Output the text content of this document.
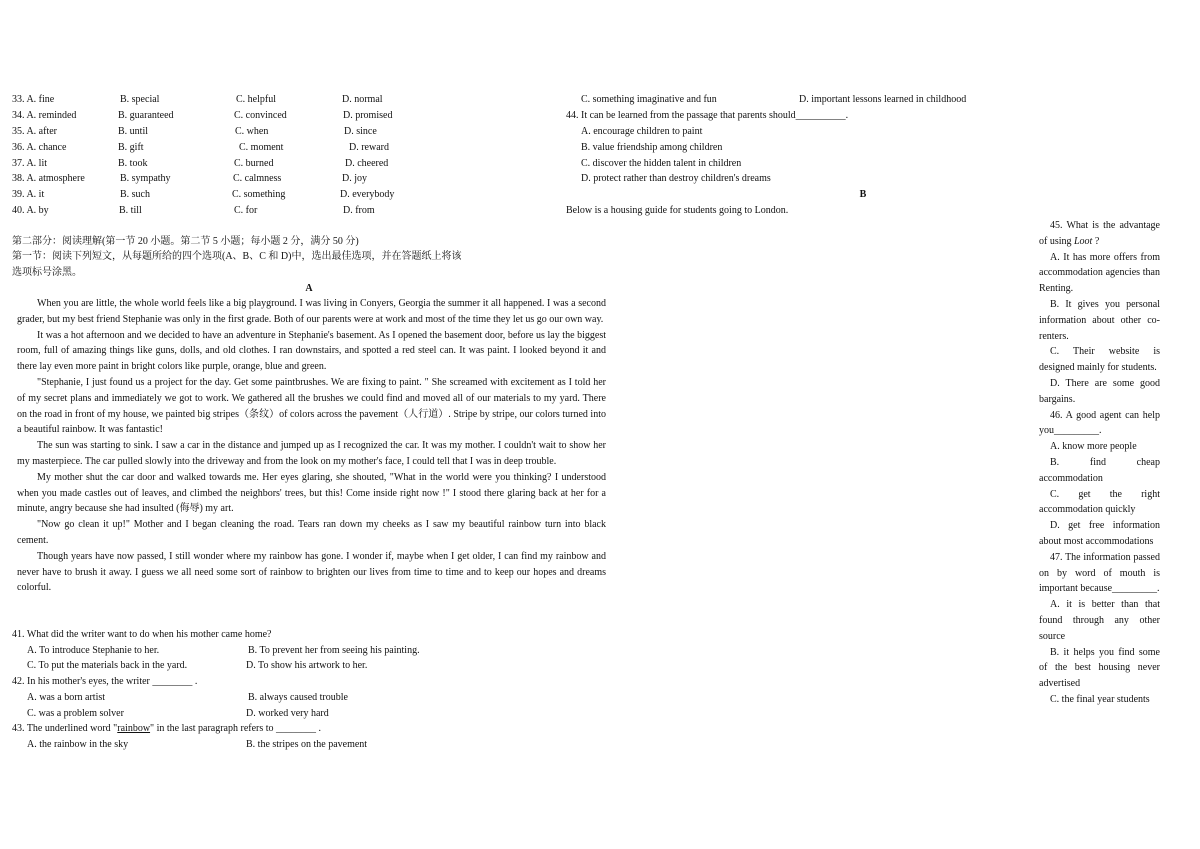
33. A. fine	B. special	C. helpful	D. normal
34. A. reminded	B. guaranteed	C. convinced	D. promised
35. A. after	B. until	C. when	D. since
36. A. chance	B. gift	C. moment	D. reward
37. A. lit	B. took	C. burned	D. cheered
38. A. atmosphere	B. sympathy	C. calmness	D. joy
39. A. it	B. such	C. something	D. everybody
40. A. by	B. till	C. for	D. from
第二部分：阅读理解(第一节 20 小题。第二节 5 小题；每小题 2 分，满分 50 分)
第一节：阅读下列短文，从每题所给的四个选项(A、B、C 和 D)中，选出最佳选项，并在答题纸上将该
选项标号涂黑。
A

When you are little, the whole world feels like a big playground. I was living in Conyers, Georgia the summer it all happened. I was a second grader, but my best friend Stephanie was only in the first grade. Both of our parents were at work and most of the time they let us go our own way.

It was a hot afternoon and we decided to have an adventure in Stephanie's basement. As I opened the basement door, before us lay the biggest room, full of amazing things like guns, dolls, and old clothes. I ran downstairs, and spotted a red steel can. It was paint. I looked beyond it and there lay even more paint in bright colors like purple, orange, blue and green.

"Stephanie, I just found us a project for the day. Get some paintbrushes. We are fixing to paint. " She screamed with excitement as I told her of my secret plans and immediately we got to work. We gathered all the brushes we could find and moved all of our materials to my yard. There on the road in front of my house, we painted big stripes（条纹）of colors across the pavement（人行道）. Stripe by stripe, our colors turned into a beautiful rainbow. It was fantastic!

The sun was starting to sink. I saw a car in the distance and jumped up as I recognized the car. It was my mother. I couldn't wait to show her my masterpiece. The car pulled slowly into the driveway and from the look on my mother's face, I could tell that I was in deep trouble.

My mother shut the car door and walked towards me. Her eyes glaring, she shouted, "What in the world were you thinking? I understood when you made castles out of leaves, and climbed the neighbors' trees, but this! Come inside right now !" I stood there glaring back at her for a minute, angry because she had insulted (侮辱) my art.

"Now go clean it up!" Mother and I began cleaning the road. Tears ran down my cheeks as I saw my beautiful rainbow turn into black cement.

Though years have now passed, I still wonder where my rainbow has gone. I wonder if, maybe when I get older, I can find my rainbow and never have to brush it away. I guess we all need some sort of rainbow to brighten our lives from time to time and to keep our hopes and dreams colorful.

41. What did the writer want to do when his mother came home?
A. To introduce Stephanie to her.	B. To prevent her from seeing his painting.
C. To put the materials back in the yard.	D. To show his artwork to her.
42. In his mother's eyes, the writer ________ .
A. was a born artist	B. always caused trouble
C. was a problem solver	D. worked very hard
43. The underlined word "rainbow" in the last paragraph refers to ________ .
A. the rainbow in the sky	B. the stripes on the pavement
C. something imaginative and fun	D. important lessons learned in childhood
44. It can be learned from the passage that parents should__________.
A. encourage children to paint
B. value friendship among children
C. discover the hidden talent in children
D. protect rather than destroy children's dreams
B
Below is a housing guide for students going to London.

45. What is the advantage of using Loot ?

A. It has more offers from accommodation agencies than Renting.

B. It gives you personal information about other co-renters.

C. Their website is designed mainly for students.

D. There are some good bargains.

46. A good agent can help you_________.

A. know more people

B. find cheap accommodation

C. get the right accommodation quickly

D. get free information about most accommodations

47. The information passed on by word of mouth is important because_________.

A. it is better than that found through any other source

B. it helps you find some of the best housing never advertised

C. the final year students
